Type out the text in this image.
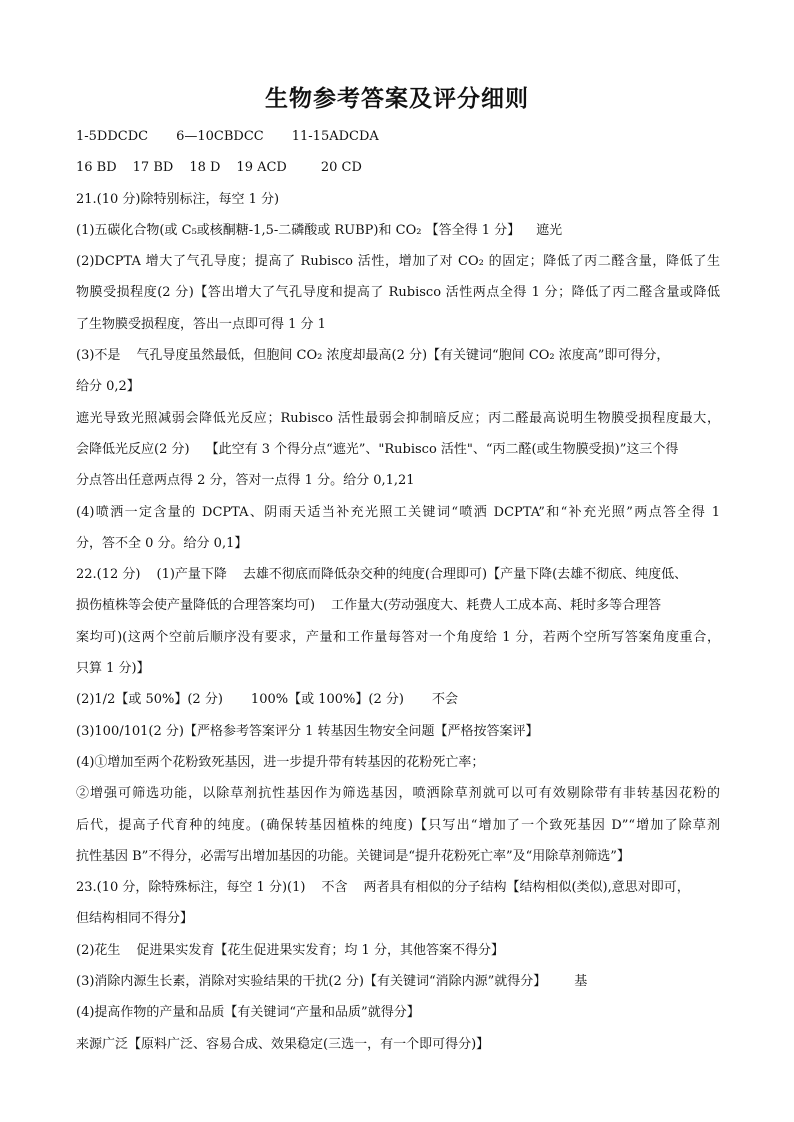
生物参考答案及评分细则
1-5DDCDC 6—10CBDCC 11-15ADCDA
16 BD 17 BD 18 D 19 ACD	20 CD
21.(10 分)除特别标注，每空 1 分)
(1)五碳化合物(或 C₅或核酮糖-1,5-二磷酸或 RUBP)和 CO₂ 【答全得 1 分】 遮光
(2)DCPTA 增大了气孔导度；提高了 Rubisco 活性，增加了对 CO₂ 的固定；降低了丙二醛含量，降低了生
物膜受损程度(2 分)【答出增大了气孔导度和提高了 Rubisco 活性两点全得 1 分；降低了丙二醛含量或降低
了生物膜受损程度，答出一点即可得 1 分 1
(3)不是 气孔导度虽然最低，但胞间 CO₂ 浓度却最高(2 分)【有关键词“胞间 CO₂ 浓度高”即可得分，
给分 0,2】
遮光导致光照减弱会降低光反应；Rubisco 活性最弱会抑制暗反应；丙二醛最高说明生物膜受损程度最大，
会降低光反应(2 分) 【此空有 3 个得分点“遮光”、"Rubisco 活性"、“丙二醛(或生物膜受损)”这三个得
分点答出任意两点得 2 分，答对一点得 1 分。给分 0,1,21
(4)喷洒一定含量的 DCPTA、阴雨天适当补充光照工关键词“喷洒 DCPTA”和“补充光照”两点答全得 1
分，答不全 0 分。给分 0,1】
22.(12 分) (1)产量下降 去雄不彻底而降低杂交种的纯度(合理即可)【产量下降(去雄不彻底、纯度低、
损伤植株等会使产量降低的合理答案均可) 工作量大(劳动强度大、耗费人工成本高、耗时多等合理答
案均可)(这两个空前后顺序没有要求，产量和工作量每答对一个角度给 1 分，若两个空所写答案角度重合，
只算 1 分)】
(2)1/2【或 50%】(2 分) 100%【或 100%】(2 分) 不会
(3)100/101(2 分)【严格参考答案评分 1 转基因生物安全问题【严格按答案评】
(4)①增加至两个花粉致死基因，进一步提升带有转基因的花粉死亡率；
②增强可筛选功能，以除草剂抗性基因作为筛选基因，喷洒除草剂就可以可有效剔除带有非转基因花粉的
后代，提高子代育种的纯度。(确保转基因植株的纯度)【只写出“增加了一个致死基因 D”“增加了除草剂
抗性基因 B”不得分，必需写出增加基因的功能。关键词是“提升花粉死亡率”及“用除草剂筛选”】
23.(10 分，除特殊标注，每空 1 分)(1) 不含 两者具有相似的分子结构【结构相似(类似),意思对即可，
但结构相同不得分】
(2)花生 促进果实发育【花生促进果实发育；均 1 分，其他答案不得分】
(3)消除内源生长素，消除对实验结果的干扰(2 分)【有关键词“消除内源”就得分】 基
(4)提高作物的产量和品质【有关键词“产量和品质”就得分】
来源广泛【原料广泛、容易合成、效果稳定(三选一，有一个即可得分)】
